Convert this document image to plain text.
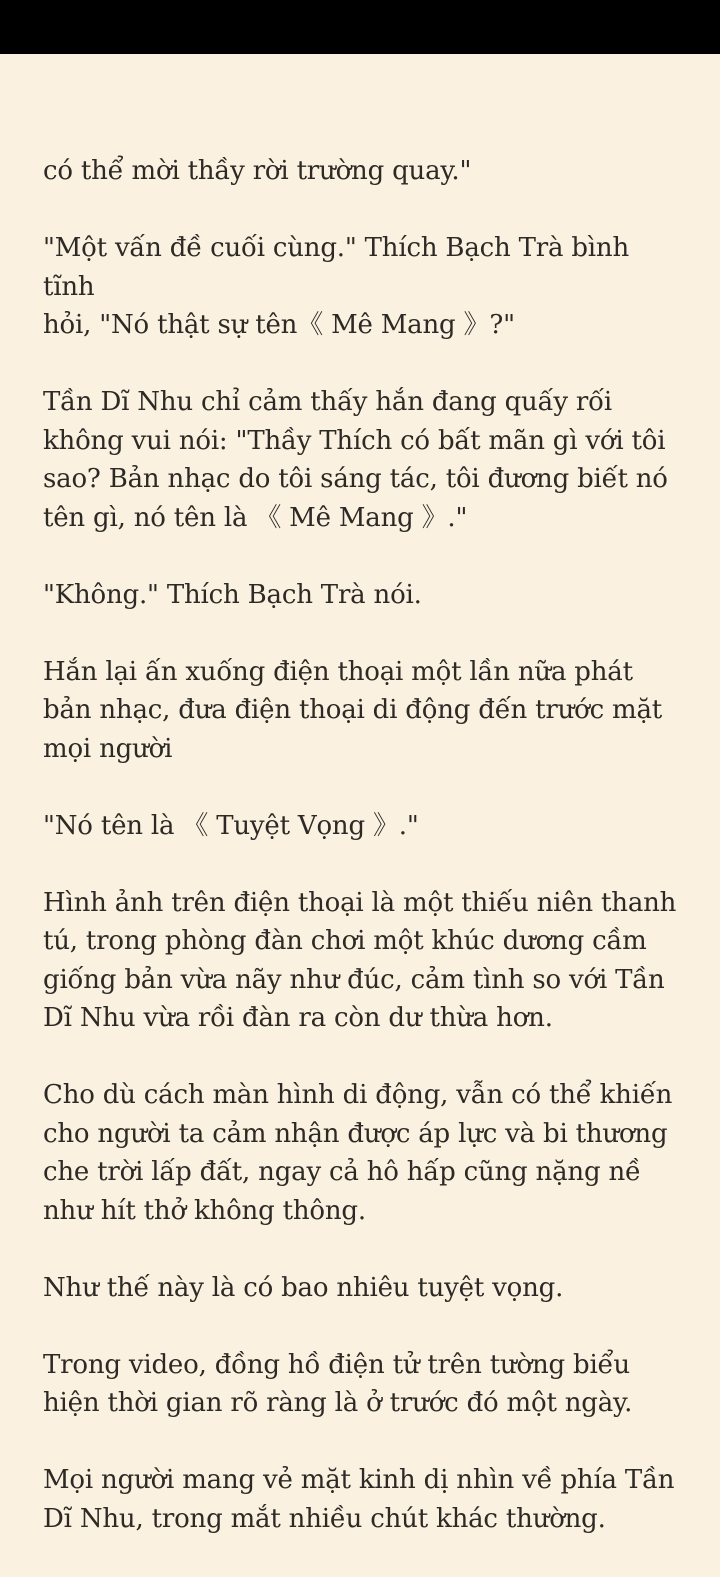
có thể mời thầy rời trường quay."

"Một vấn đề cuối cùng." Thích Bạch Trà bình tĩnh
hỏi, "Nó thật sự tên《 Mê Mang 》?"

Tần Dĩ Nhu chỉ cảm thấy hắn đang quấy rối
không vui nói: "Thầy Thích có bất mãn gì với tôi
sao? Bản nhạc do tôi sáng tác, tôi đương biết nó
tên gì, nó tên là 《 Mê Mang 》."

"Không." Thích Bạch Trà nói.

Hắn lại ấn xuống điện thoại một lần nữa phát
bản nhạc, đưa điện thoại di động đến trước mặt
mọi người

"Nó tên là 《 Tuyệt Vọng 》."

Hình ảnh trên điện thoại là một thiếu niên thanh
tú, trong phòng đàn chơi một khúc dương cầm
giống bản vừa nãy như đúc, cảm tình so với Tần
Dĩ Nhu vừa rồi đàn ra còn dư thừa hơn.

Cho dù cách màn hình di động, vẫn có thể khiến
cho người ta cảm nhận được áp lực và bi thương
che trời lấp đất, ngay cả hô hấp cũng nặng nề
như hít thở không thông.

Như thế này là có bao nhiêu tuyệt vọng.

Trong video, đồng hồ điện tử trên tường biểu
hiện thời gian rõ ràng là ở trước đó một ngày.

Mọi người mang vẻ mặt kinh dị nhìn về phía Tần
Dĩ Nhu, trong mắt nhiều chút khác thường.
